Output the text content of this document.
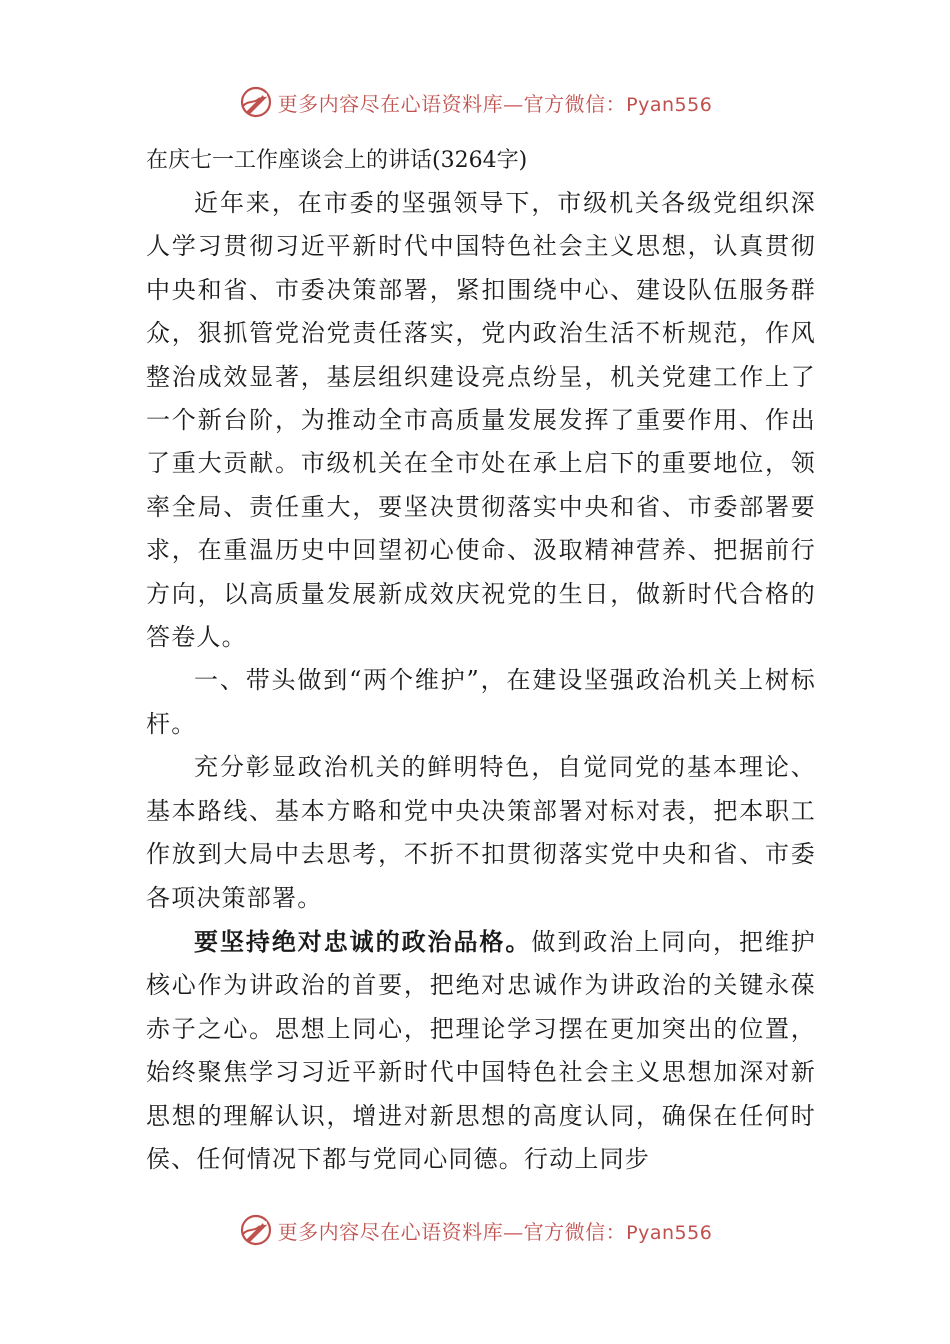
更多内容尽在心语资料库—官方微信：Pyan556
在庆七一工作座谈会上的讲话(3264字)

近年来，在市委的坚强领导下，市级机关各级党组织深人学习贯彻习近平新时代中国特色社会主义思想，认真贯彻中央和省、市委决策部署，紧扣围绕中心、建设队伍服务群众，狠抓管党治党责任落实，党内政治生活不析规范，作风整治成效显著，基层组织建设亮点纷呈，机关党建工作上了一个新台阶，为推动全市高质量发展发挥了重要作用、作出了重大贡献。市级机关在全市处在承上启下的重要地位，领率全局、责任重大，要坚决贯彻落实中央和省、市委部署要求，在重温历史中回望初心使命、汲取精神营养、把据前行方向，以高质量发展新成效庆祝党的生日，做新时代合格的答卷人。

一、带头做到“两个维护”，在建设坚强政治机关上树标杆。

充分彰显政治机关的鲜明特色，自觉同党的基本理论、基本路线、基本方略和党中央决策部署对标对表，把本职工作放到大局中去思考，不折不扣贯彻落实党中央和省、市委各项决策部署。

要坚持绝对忠诚的政治品格。做到政治上同向，把维护核心作为讲政治的首要，把绝对忠诚作为讲政治的关键永葆赤子之心。思想上同心，把理论学习摆在更加突出的位置，始终聚焦学习习近平新时代中国特色社会主义思想加深对新思想的理解认识，增进对新思想的高度认同，确保在任何时侯、任何情况下都与党同心同德。行动上同步

更多内容尽在心语资料库—官方微信：Pyan556
